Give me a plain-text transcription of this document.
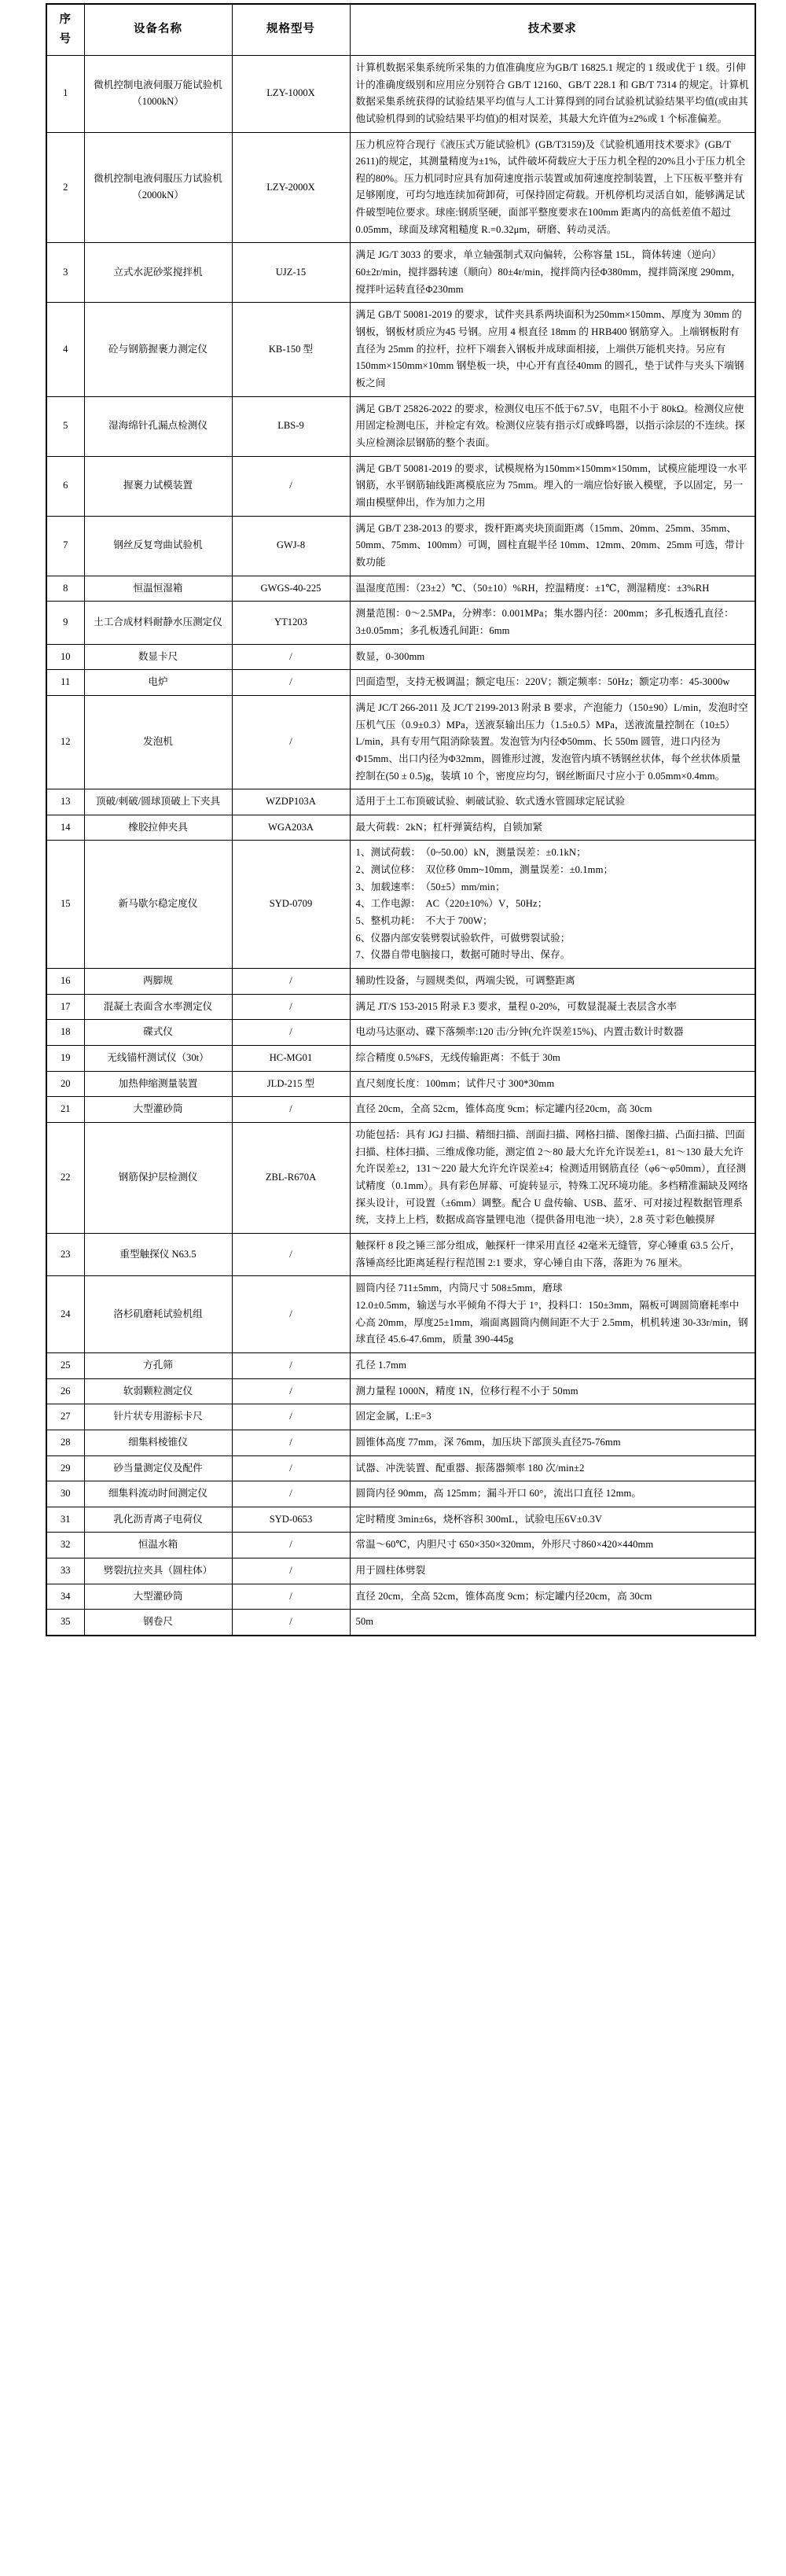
序 号	设备名称	规格型号	技术要求
1	微机控制电液伺服万能试验机（1000kN）	LZY-1000X	计算机数据采集系统所采集的力值准确度应为GB/T 16825.1 规定的 1 级或优于 1 级。引伸计的准确度级别和应用应分别符合 GB/T 12160、GB/T 228.1 和 GB/T 7314 的规定。计算机数据采集系统获得的试验结果平均值与人工计算得到的同台试验机试验结果平均值(或由其他试验机得到的试验结果平均值)的相对误差，其最大允许值为±2%或 1 个标准偏差。
2	微机控制电液伺服压力试验机（2000kN）	LZY-2000X	压力机应符合现行《液压式万能试验机》(GB/T3159)及《试验机通用技术要求》(GB/T 2611)的规定，其测量精度为±1%，试件破坏荷载应大于压力机全程的20%且小于压力机全程的80%。压力机同时应具有加荷速度指示装置或加荷速度控制装置，上下压板平整并有足够刚度，可均匀地连续加荷卸荷，可保持固定荷载。开机停机均灵活自如，能够满足试件破型吨位要求。球座:钢质坚硬，面部平整度要求在100mm 距离内的高低差值不超过 0.05mm，球面及球窝粗糙度 R.=0.32μm，研磨、转动灵活。
3	立式水泥砂浆搅拌机	UJZ-15	满足 JG/T 3033 的要求，单立轴强制式双向偏转，公称容量 15L，筒体转速（逆向）60±2r/min，搅拌器转速（顺向）80±4r/min，搅拌筒内径Φ380mm，搅拌筒深度 290mm，搅拌叶运转直径Φ230mm
4	砼与钢筋握裹力测定仪	KB-150 型	满足 GB/T 50081-2019 的要求，试件夹具系两块面积为250mm×150mm、厚度为 30mm 的钢板，钢板材质应为45 号钢。应用 4 根直径 18mm 的 HRB400 钢筋穿入。上端钢板附有直径为 25mm 的拉杆，拉杆下端套入钢板并成球面相接，上端供万能机夹持。另应有 150mm×150mm×10mm 钢垫板一块，中心开有直径40mm 的圆孔，垫于试件与夹头下端钢板之间
5	湿海绵针孔漏点检测仪	LBS-9	满足 GB/T 25826-2022 的要求，检测仪电压不低于67.5V，电阻不小于 80kΩ。检测仪应使用固定检测电压，并检定有效。检测仪应装有指示灯或蜂鸣器，以指示涂层的不连续。探头应检测涂层钢筋的整个表面。
6	握裹力试模装置	/	满足 GB/T 50081-2019 的要求，试模规格为150mm×150mm×150mm，试模应能埋设一水平钢筋，水平钢筋轴线距离模底应为 75mm。埋入的一端应恰好嵌入模壁，予以固定，另一端由模壁伸出，作为加力之用
7	钢丝反复弯曲试验机	GWJ-8	满足 GB/T 238-2013 的要求，拨杆距离夹块顶面距离（15mm、20mm、25mm、35mm、50mm、75mm、100mm）可调，圆柱直辊半径 10mm、12mm、20mm、25mm 可选，带计数功能
8	恒温恒湿箱	GWGS-40-225	温湿度范围：（23±2）℃、（50±10）%RH，控温精度：±1℃，测湿精度：±3%RH
9	土工合成材料耐静水压测定仪	YT1203	测量范围：0～2.5MPa，分辨率：0.001MPa；集水器内径：200mm；多孔板透孔直径：3±0.05mm；多孔板透孔间距：6mm
10	数显卡尺	/	数显，0-300mm
11	电炉	/	凹面造型，支持无极调温；额定电压：220V；额定频率：50Hz；额定功率：45-3000w
12	发泡机	/	满足 JC/T 266-2011 及 JC/T 2199-2013 附录 B 要求，产泡能力（150±90）L/min，发泡时空压机气压（0.9±0.3）MPa，送液泵输出压力（1.5±0.5）MPa，送液流量控制在（10±5）L/min，具有专用气阻消除装置。发泡管为内径Φ50mm、长 550m 圆管，进口内径为Φ15mm、出口内径为Φ32mm，圆锥形过渡，发泡管内填不锈钢丝状体，每个丝状体质量控制在(50 ± 0.5)g，装填 10 个，密度应均匀，钢丝断面尺寸应小于 0.05mm×0.4mm。
13	顶破/刺破/圆球顶破上下夹具	WZDP103A	适用于土工布顶破试验、刺破试验、软式透水管圆球定屁试验
14	橡胶拉伸夹具	WGA203A	最大荷载：2kN；杠杆弹簧结构，自锁加紧
15	新马歇尔稳定度仪	SYD-0709	
1、测试荷载：　（0~50.00）kN，测量误差：±0.1kN；
2、测试位移：　双位移 0mm~10mm，测量误差：±0.1mm；
3、加载速率：　（50±5）mm/min；
4、工作电源：　AC（220±10%）V，50Hz；
5、整机功耗：　不大于 700W；
6、仪器内部安装劈裂试验软件，可做劈裂试验；
7、仪器自带电脑接口，数据可随时导出、保存。

16	两脚规	/	辅助性设备，与圆规类似，两端尖锐，可调整距离
17	混凝土表面含水率测定仪	/	满足 JT/S 153-2015 附录 F.3 要求，量程 0-20%，可数显混凝土表层含水率
18	碟式仪	/	电动马达驱动、碟下落频率:120 击/分钟(允许误差15%)、内置击数计时数器
19	无线锚杆测试仪（30t）	HC-MG01	综合精度 0.5%FS，无线传输距离：不低于 30m
20	加热伸缩测量装置	JLD-215 型	直尺刻度长度：100mm；试件尺寸 300*30mm
21	大型灌砂筒	/	直径 20cm，全高 52cm，锥体高度 9cm；标定罐内径20cm，高 30cm
22	钢筋保护层检测仪	ZBL-R670A	功能包括：具有 JGJ 扫描、精细扫描、剖面扫描、网格扫描、图像扫描、凸面扫描、凹面扫描、柱体扫描、三维成像功能，测定值 2～80 最大允许允许误差±1，81～130 最大允许允许误差±2，131～220 最大允许允许误差±4；检测适用钢筋直径（φ6～φ50mm），直径测试精度（0.1mm）。具有彩色屏幕、可旋转显示，特殊工况环境功能。多档精准漏缺及网络探头设计，可设置（±6mm）调整。配合 U 盘传输、USB、蓝牙、可对接过程数据管理系统，支持上上档，数据成高容量锂电池（提供备用电池一块），2.8 英寸彩色触摸屏
23	重型触探仪 N63.5	/	触探杆 8 段之锤三部分组成，触探杆一律采用直径 42毫米无缝管，穿心锤重 63.5 公斤，落锤高经比距离延程行程范围 2:1 要求，穿心锤自由下落，落距为 76 厘米。
24	洛杉矶磨耗试验机组	/	圆筒内径 711±5mm，内筒尺寸 508±5mm，磨球
12.0±0.5mm，输送与水平倾角不得大于 1°，投料口：150±3mm，隔板可调圆筒磨耗率中心高 20mm，厚度25±1mm，端面离圆筒内侧间距不大于 2.5mm，机机转速 30-33r/min，钢球直径 45.6-47.6mm，质量 390-445g

25	方孔筛	/	孔径 1.7mm
26	软弱颗粒测定仪	/	测力量程 1000N，精度 1N，位移行程不小于 50mm
27	针片状专用游标卡尺	/	固定金属，L:E=3
28	细集料棱锥仪	/	圆锥体高度 77mm，深 76mm，加压块下部顶头直径75-76mm
29	砂当量测定仪及配件	/	试器、冲洗装置、配重器、振荡器频率 180 次/min±2
30	细集料流动时间测定仪	/	圆筒内径 90mm，高 125mm；漏斗开口 60°，流出口直径 12mm。
31	乳化沥青离子电荷仪	SYD-0653	定时精度 3min±6s，烧杯容积 300mL，试验电压6V±0.3V
32	恒温水箱	/	常温～60℃，内胆尺寸 650×350×320mm，外形尺寸860×420×440mm
33	劈裂抗拉夹具（圆柱体）	/	用于圆柱体劈裂
34	大型灌砂筒	/	直径 20cm，全高 52cm，锥体高度 9cm；标定罐内径20cm，高 30cm
35	钢卷尺	/	50m
